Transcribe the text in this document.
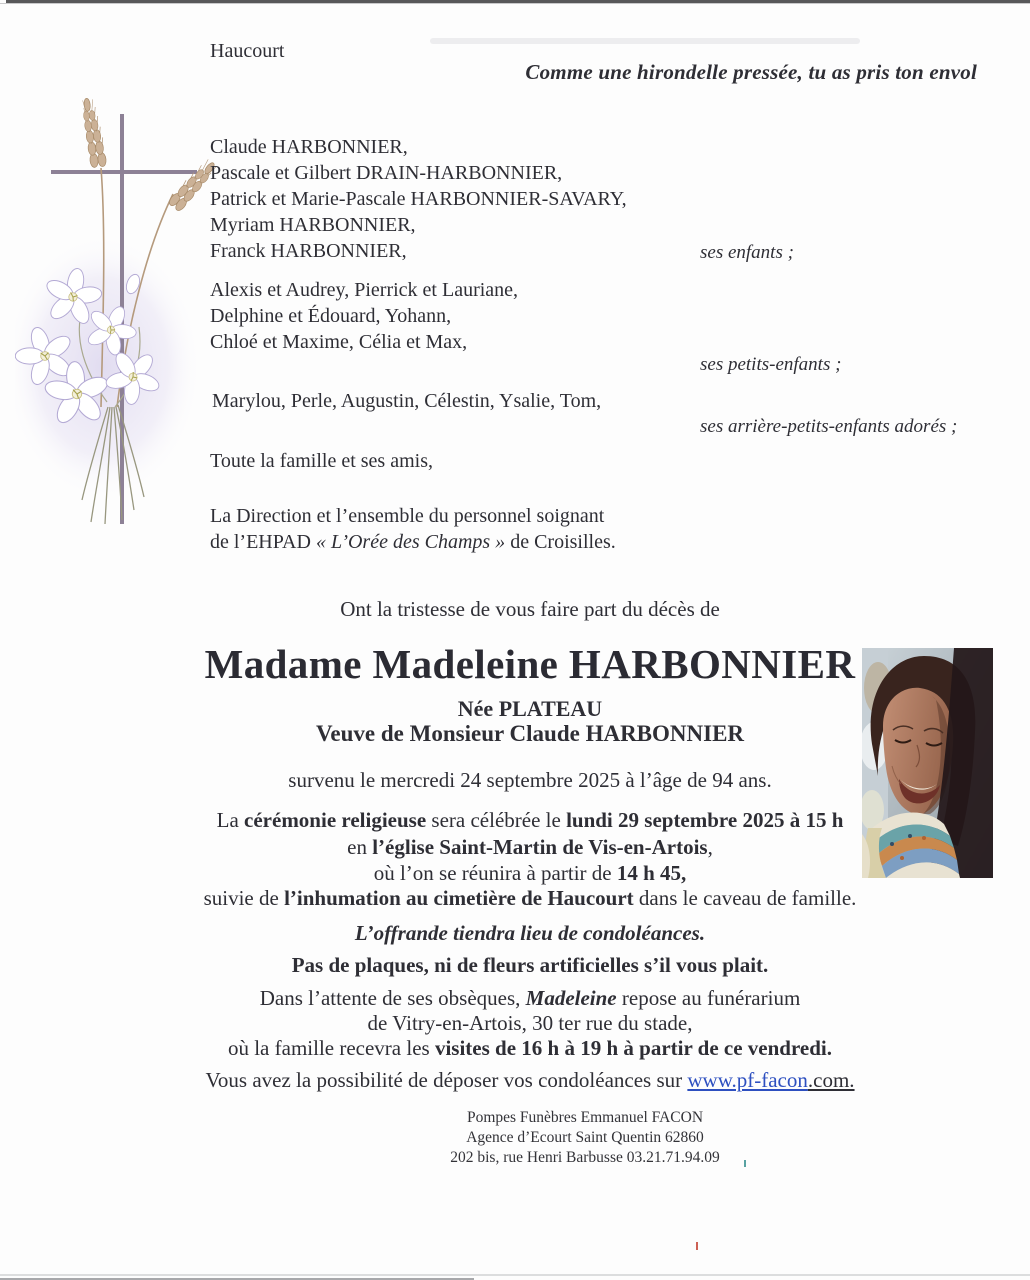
Haucourt
Comme une hirondelle pressée, tu as pris ton envol
Claude HARBONNIER,
Pascale et Gilbert DRAIN-HARBONNIER,
Patrick et Marie-Pascale HARBONNIER-SAVARY,
Myriam HARBONNIER,
Franck HARBONNIER,	ses enfants ;
Alexis et Audrey, Pierrick et Lauriane,
Delphine et Édouard, Yohann,
Chloé et Maxime, Célia et Max,
ses petits-enfants ;
Marylou, Perle, Augustin, Célestin, Ysalie, Tom,
ses arrière-petits-enfants adorés ;
Toute la famille et ses amis,
La Direction et l’ensemble du personnel soignant
de l’EHPAD « L’Orée des Champs » de Croisilles.
Ont la tristesse de vous faire part du décès de
Madame Madeleine HARBONNIER
Née PLATEAU
Veuve de Monsieur Claude HARBONNIER
survenu le mercredi 24 septembre 2025 à l’âge de 94 ans.
La cérémonie religieuse sera célébrée le lundi 29 septembre 2025 à 15 h
en l’église Saint-Martin de Vis-en-Artois,
où l’on se réunira à partir de 14 h 45,
suivie de l’inhumation au cimetière de Haucourt dans le caveau de famille.
L’offrande tiendra lieu de condoléances.
Pas de plaques, ni de fleurs artificielles s’il vous plait.
Dans l’attente de ses obsèques, Madeleine repose au funérarium
de Vitry-en-Artois, 30 ter rue du stade,
où la famille recevra les visites de 16 h à 19 h à partir de ce vendredi.
Vous avez la possibilité de déposer vos condoléances sur www.pf-facon.com.
Pompes Funèbres Emmanuel FACON
Agence d’Ecourt Saint Quentin 62860
202 bis, rue Henri Barbusse 03.21.71.94.09
